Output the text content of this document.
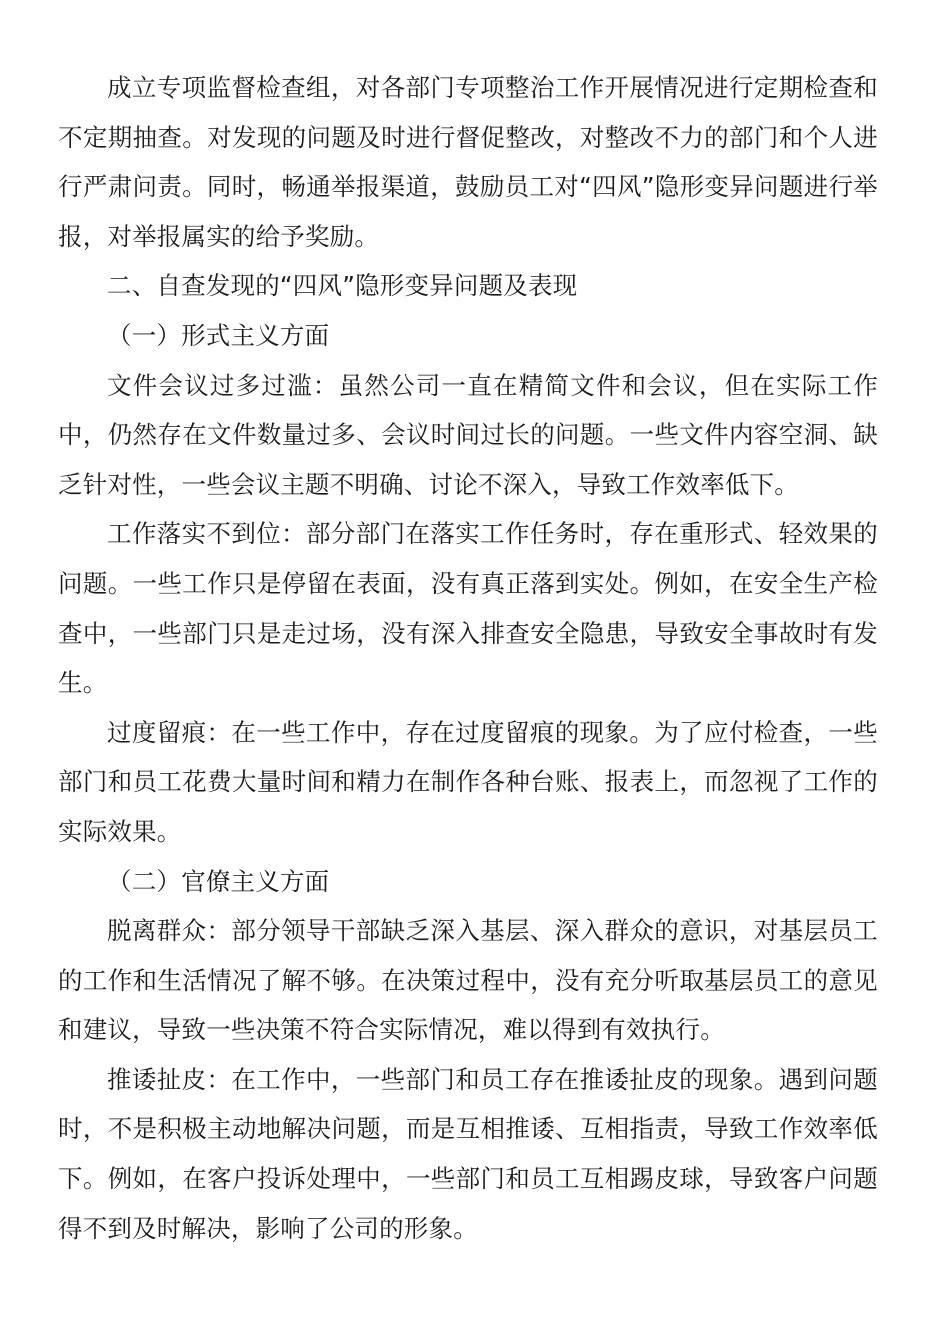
成立专项监督检查组，对各部门专项整治工作开展情况进行定期检查和不定期抽查。对发现的问题及时进行督促整改，对整改不力的部门和个人进行严肃问责。同时，畅通举报渠道，鼓励员工对“四风”隐形变异问题进行举报，对举报属实的给予奖励。

二、自查发现的“四风”隐形变异问题及表现

（一）形式主义方面

文件会议过多过滥：虽然公司一直在精简文件和会议，但在实际工作中，仍然存在文件数量过多、会议时间过长的问题。一些文件内容空洞、缺乏针对性，一些会议主题不明确、讨论不深入，导致工作效率低下。

工作落实不到位：部分部门在落实工作任务时，存在重形式、轻效果的问题。一些工作只是停留在表面，没有真正落到实处。例如，在安全生产检查中，一些部门只是走过场，没有深入排查安全隐患，导致安全事故时有发生。

过度留痕：在一些工作中，存在过度留痕的现象。为了应付检查，一些部门和员工花费大量时间和精力在制作各种台账、报表上，而忽视了工作的实际效果。

（二）官僚主义方面

脱离群众：部分领导干部缺乏深入基层、深入群众的意识，对基层员工的工作和生活情况了解不够。在决策过程中，没有充分听取基层员工的意见和建议，导致一些决策不符合实际情况，难以得到有效执行。

推诿扯皮：在工作中，一些部门和员工存在推诿扯皮的现象。遇到问题时，不是积极主动地解决问题，而是互相推诿、互相指责，导致工作效率低下。例如，在客户投诉处理中，一些部门和员工互相踢皮球，导致客户问题得不到及时解决，影响了公司的形象。
